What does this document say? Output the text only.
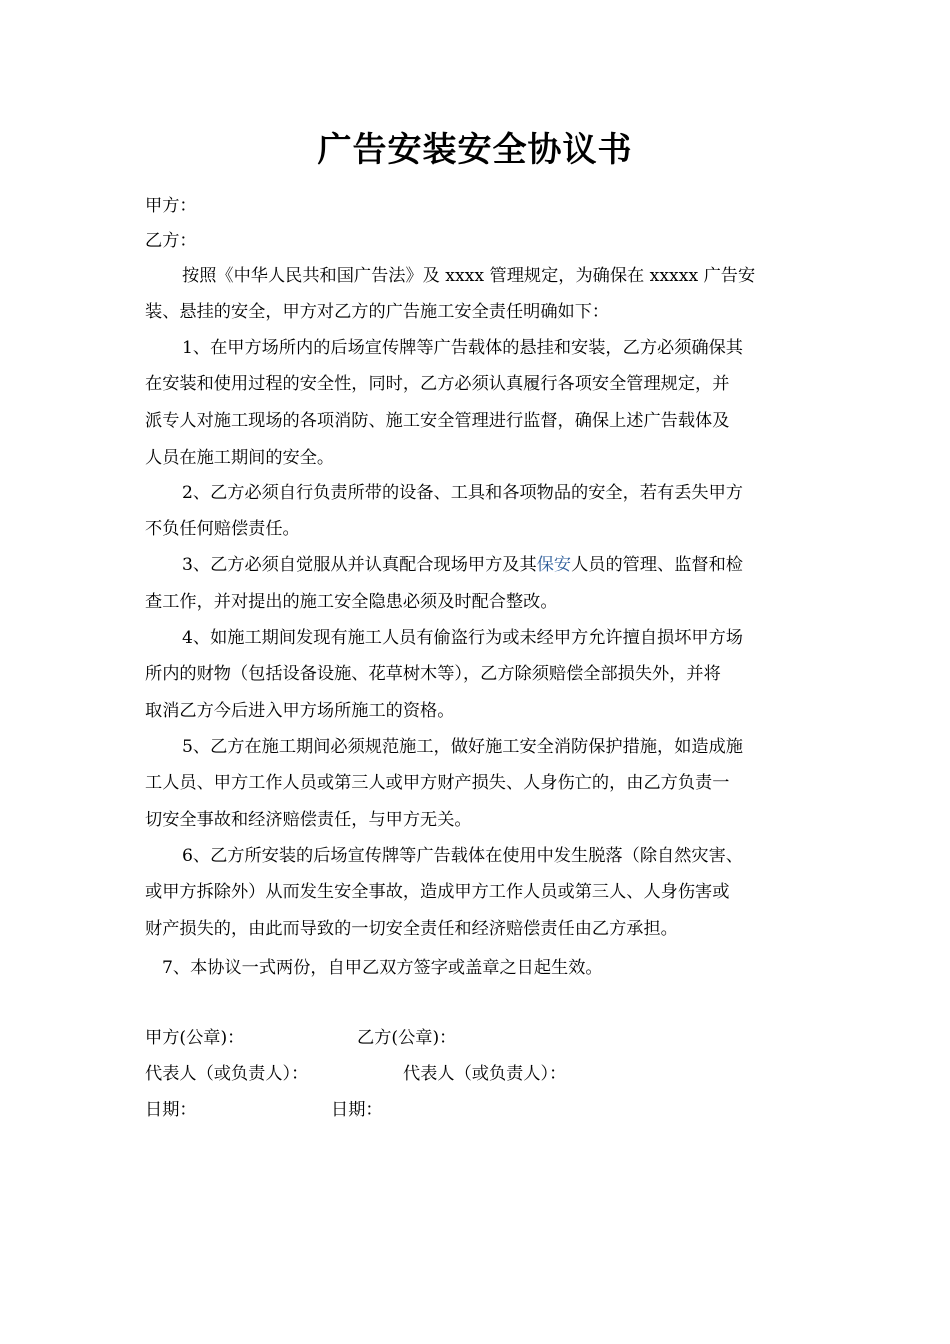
广告安装安全协议书

甲方：

乙方：

按照《中华人民共和国广告法》及 xxxx 管理规定，为确保在 xxxxx 广告安

装、悬挂的安全，甲方对乙方的广告施工安全责任明确如下：

1、在甲方场所内的后场宣传牌等广告载体的悬挂和安装，乙方必须确保其

在安装和使用过程的安全性，同时，乙方必须认真履行各项安全管理规定，并

派专人对施工现场的各项消防、施工安全管理进行监督，确保上述广告载体及

人员在施工期间的安全。

2、乙方必须自行负责所带的设备、工具和各项物品的安全，若有丢失甲方

不负任何赔偿责任。

3、乙方必须自觉服从并认真配合现场甲方及其保安人员的管理、监督和检

查工作，并对提出的施工安全隐患必须及时配合整改。

4、如施工期间发现有施工人员有偷盗行为或未经甲方允许擅自损坏甲方场

所内的财物（包括设备设施、花草树木等），乙方除须赔偿全部损失外，并将

取消乙方今后进入甲方场所施工的资格。

5、乙方在施工期间必须规范施工，做好施工安全消防保护措施，如造成施

工人员、甲方工作人员或第三人或甲方财产损失、人身伤亡的，由乙方负责一

切安全事故和经济赔偿责任，与甲方无关。

6、乙方所安装的后场宣传牌等广告载体在使用中发生脱落（除自然灾害、

或甲方拆除外）从而发生安全事故，造成甲方工作人员或第三人、人身伤害或

财产损失的，由此而导致的一切安全责任和经济赔偿责任由乙方承担。

7、本协议一式两份，自甲乙双方签字或盖章之日起生效。

甲方(公章)：	乙方(公章)：

代表人（或负责人）：	代表人（或负责人）：

日期：	日期：
